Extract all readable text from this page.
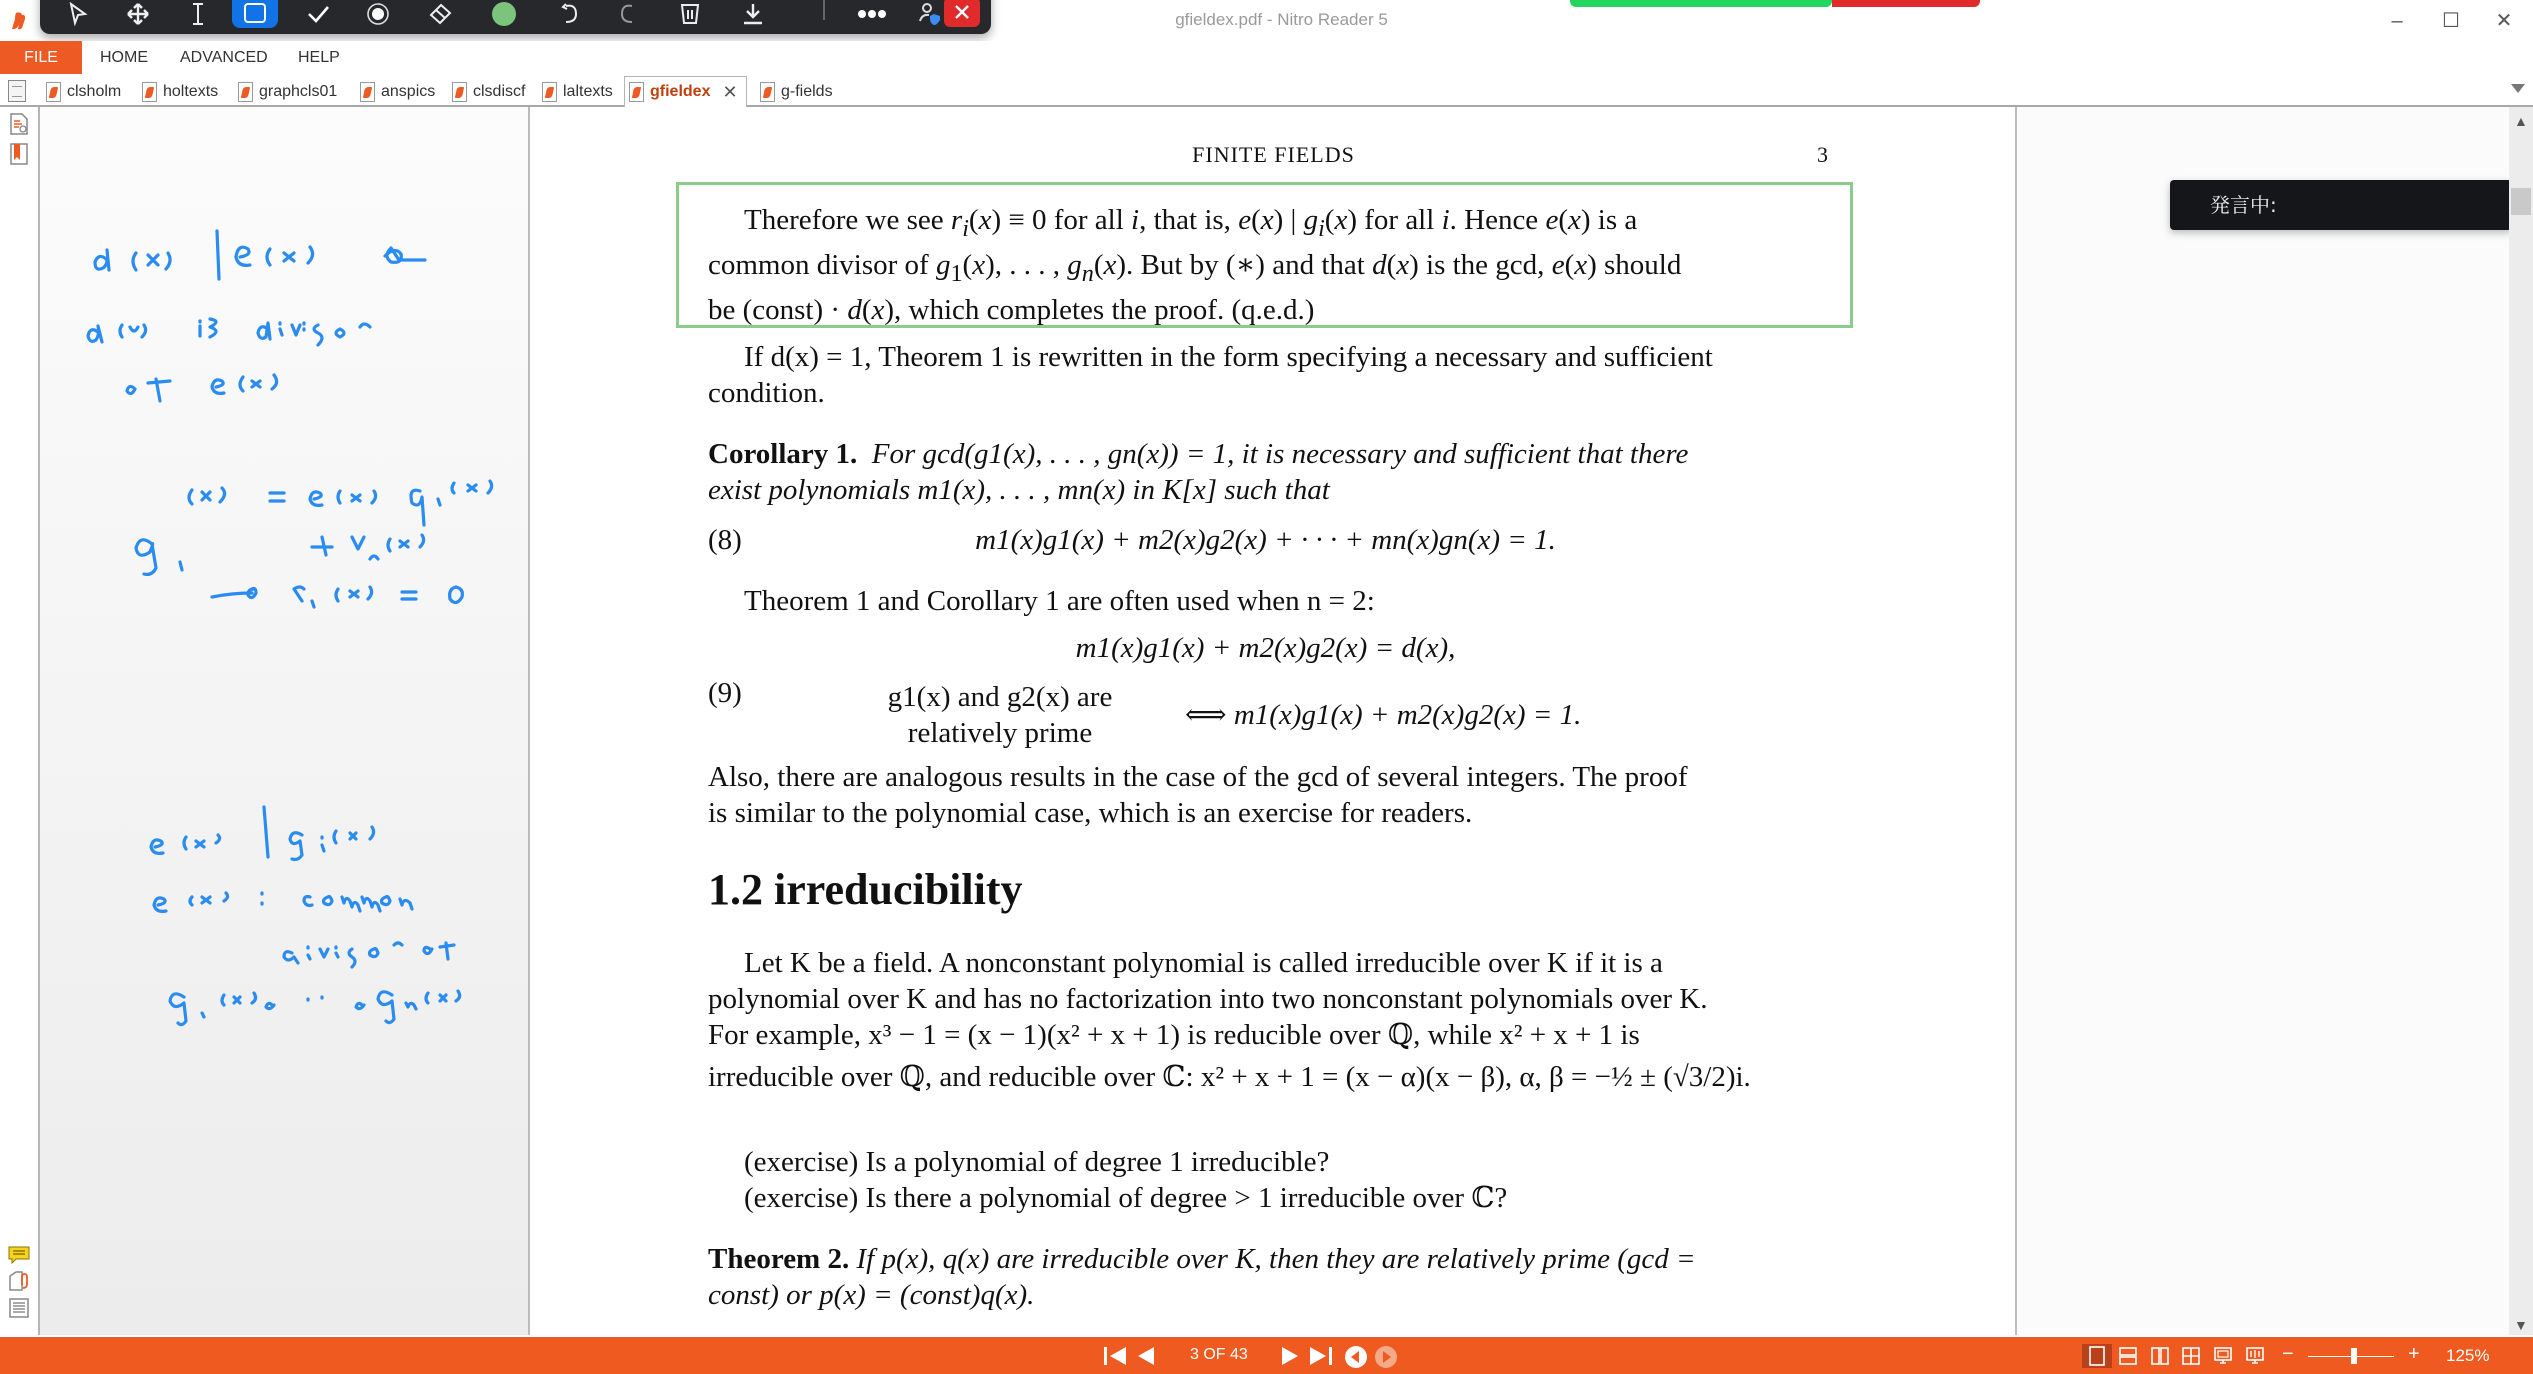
gfieldex.pdf - Nitro Reader 5	–	☐	✕
FILE	HOME ADVANCED HELP
clsholm	holtexts	graphcls01	anspics clsdiscf laltexts gfieldex ✕	g-fields
FINITE FIELDS	3
Therefore we see $r_i(x) \equiv 0$ for all i, that is, e(x) | $g_i(x)$ for all i. Hence e(x) is a
common divisor of $g_1(x)$, . . . , $g_n(x)$. But by (∗) and that d(x) is the gcd, e(x) should
be (const) · d(x), which completes the proof. (q.e.d.)
If d(x) = 1, Theorem 1 is rewritten in the form specifying a necessary and sufficient
condition.
Corollary 1. For gcd(g1(x), . . . , gn(x)) = 1, it is necessary and sufficient that there
exist polynomials m1(x), . . . , mn(x) in K[x] such that
(8)	m1(x)g1(x) + m2(x)g2(x) + · · · + mn(x)gn(x) = 1.
Theorem 1 and Corollary 1 are often used when n = 2:
m1(x)g1(x) + m2(x)g2(x) = d(x),
(9)	g1(x) and g2(x) are
relatively prime
⟺ m1(x)g1(x) + m2(x)g2(x) = 1.
Also, there are analogous results in the case of the gcd of several integers. The proof
is similar to the polynomial case, which is an exercise for readers.
1.2 irreducibility
Let K be a field. A nonconstant polynomial is called irreducible over K if it is a
polynomial over K and has no factorization into two nonconstant polynomials over K.
For example, x³ − 1 = (x − 1)(x² + x + 1) is reducible over ℚ, while x² + x + 1 is
irreducible over ℚ, and reducible over ℂ: x² + x + 1 = (x − α)(x − β), α, β = −½ ± (√3/2)i.
(exercise) Is a polynomial of degree 1 irreducible?
(exercise) Is there a polynomial of degree > 1 irreducible over ℂ?
Theorem 2. If p(x), q(x) are irreducible over K, then they are relatively prime (gcd =
const) or p(x) = (const)q(x).
発言中:
▲
▼
3 OF 43	−	+ 125%
